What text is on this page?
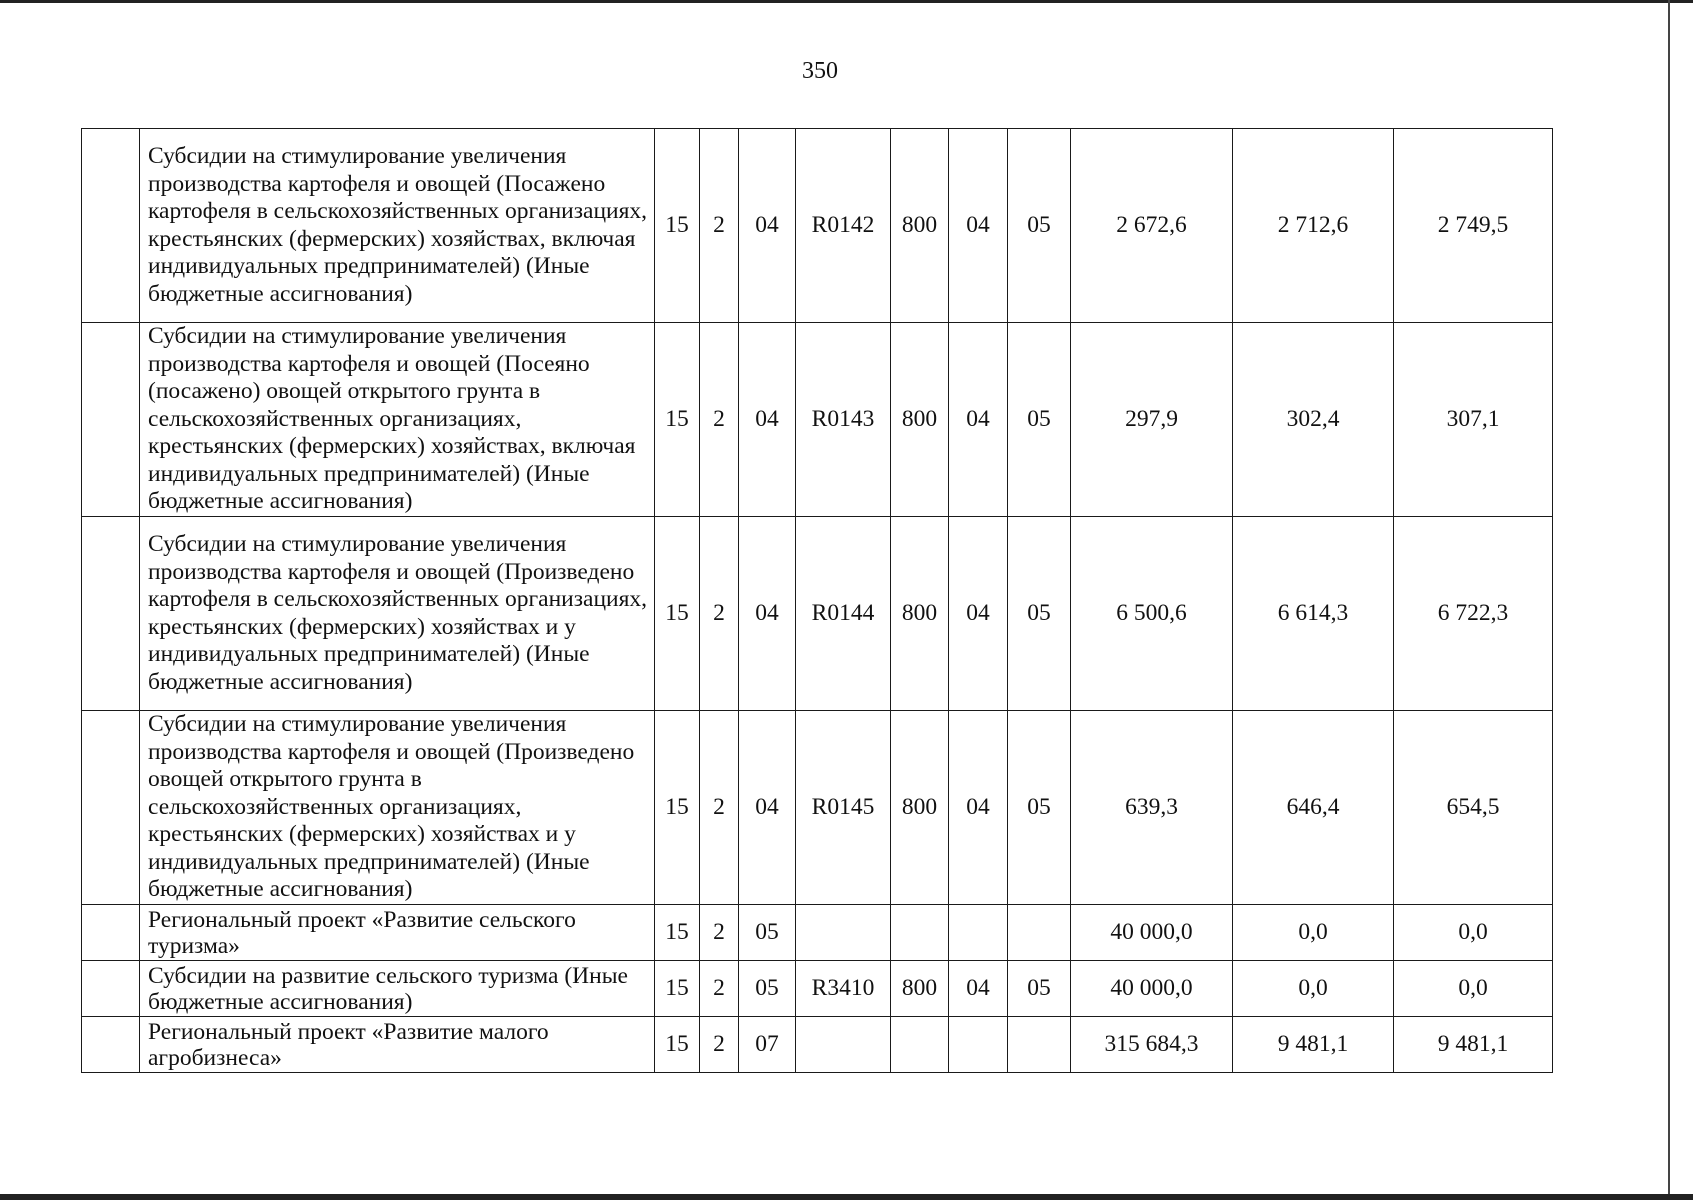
350
	Субсидии на стимулирование увеличения производства картофеля и овощей (Посажено картофеля в сельскохозяйственных организациях, крестьянских (фермерских) хозяйствах, включая индивидуальных предпринимателей) (Иные бюджетные ассигнования)	15	2	04	R0142	800	04	05	2 672,6	2 712,6	2 749,5
	Субсидии на стимулирование увеличения производства картофеля и овощей (Посеяно (посажено) овощей открытого грунта в сельскохозяйственных организациях, крестьянских (фермерских) хозяйствах, включая индивидуальных предпринимателей) (Иные бюджетные ассигнования)	15	2	04	R0143	800	04	05	297,9	302,4	307,1
	Субсидии на стимулирование увеличения производства картофеля и овощей (Произведено картофеля в сельскохозяйственных организациях, крестьянских (фермерских) хозяйствах и у индивидуальных предпринимателей) (Иные бюджетные ассигнования)	15	2	04	R0144	800	04	05	6 500,6	6 614,3	6 722,3
	Субсидии на стимулирование увеличения производства картофеля и овощей (Произведено овощей открытого грунта в сельскохозяйственных организациях, крестьянских (фермерских) хозяйствах и у индивидуальных предпринимателей) (Иные бюджетные ассигнования)	15	2	04	R0145	800	04	05	639,3	646,4	654,5
	Региональный проект «Развитие сельского туризма»	15	2	05					40 000,0	0,0	0,0
	Субсидии на развитие сельского туризма (Иные бюджетные ассигнования)	15	2	05	R3410	800	04	05	40 000,0	0,0	0,0
	Региональный проект «Развитие малого агробизнеса»	15	2	07					315 684,3	9 481,1	9 481,1
